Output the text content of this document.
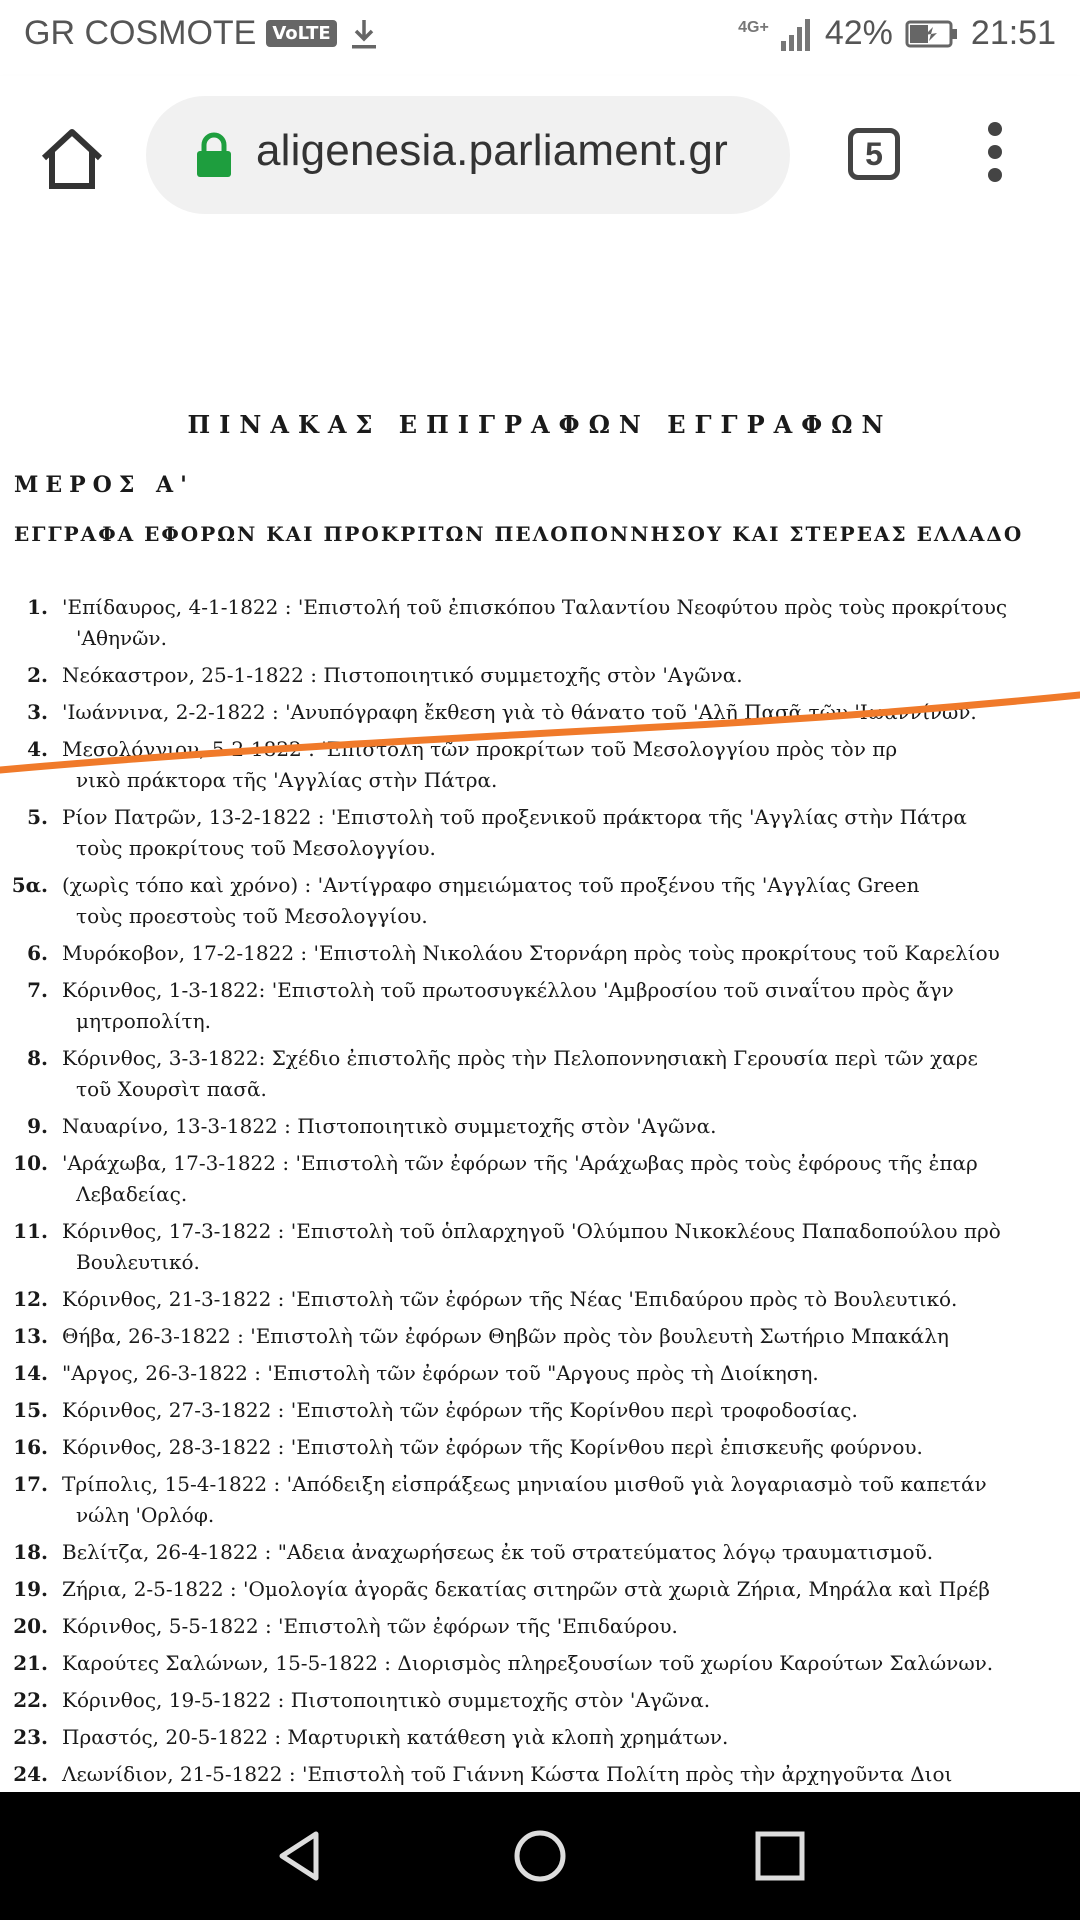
GR COSMOTE VoLTE	4G+ 42% 21:51
aligenesia.parliament.gr	5
ΠΙΝΑΚΑΣ ΕΠΙΓΡΑΦΩΝ ΕΓΓΡΑΦΩΝ
ΜΕΡΟΣ Α'
ΕΓΓΡΑΦΑ ΕΦΟΡΩΝ ΚΑΙ ΠΡΟΚΡΙΤΩΝ ΠΕΛΟΠΟΝΝΗΣΟΥ ΚΑΙ ΣΤΕΡΕΑΣ ΕΛΛΑΔΟ
1. 'Επίδαυρος, 4-1-1822 : 'Επιστολή τοῦ ἐπισκόπου Ταλαντίου Νεοφύτου πρὸς τοὺς προκρίτους
'Αθηνῶν.
2. Νεόκαστρον, 25-1-1822 : Πιστοποιητικό συμμετοχῆς στὸν 'Αγῶνα.
3. 'Ιωάννινα, 2-2-1822 : 'Ανυπόγραφη ἔκθεση γιὰ τὸ θάνατο τοῦ 'Αλῆ Πασᾶ τῶν 'Ιωαννίνων.
4. Μεσολόγγιον, 5-2-1822 : 'Επιστολὴ τῶν προκρίτων τοῦ Μεσολογγίου πρὸς τὸν πρ
νικὸ πράκτορα τῆς 'Αγγλίας στὴν Πάτρα.
5. Ρίον Πατρῶν, 13-2-1822 : 'Επιστολὴ τοῦ προξενικοῦ πράκτορα τῆς 'Αγγλίας στὴν Πάτρα
τοὺς προκρίτους τοῦ Μεσολογγίου.
5α. (χωρὶς τόπο καὶ χρόνο) : 'Αντίγραφο σημειώματος τοῦ προξένου τῆς 'Αγγλίας Green
τοὺς προεστοὺς τοῦ Μεσολογγίου.
6. Μυρόκοβον, 17-2-1822 : 'Επιστολὴ Νικολάου Στορνάρη πρὸς τοὺς προκρίτους τοῦ Καρελίου
7. Κόρινθος, 1-3-1822: 'Επιστολὴ τοῦ πρωτοσυγκέλλου 'Αμβροσίου τοῦ σιναΐτου πρὸς ἄγν
μητροπολίτη.
8. Κόρινθος, 3-3-1822: Σχέδιο ἐπιστολῆς πρὸς τὴν Πελοποννησιακὴ Γερουσία περὶ τῶν χαρε
τοῦ Χουρσὶτ πασᾶ.
9. Ναυαρίνο, 13-3-1822 : Πιστοποιητικὸ συμμετοχῆς στὸν 'Αγῶνα.
10. 'Αράχωβα, 17-3-1822 : 'Επιστολὴ τῶν ἐφόρων τῆς 'Αράχωβας πρὸς τοὺς ἐφόρους τῆς ἐπαρ
Λεβαδείας.
11. Κόρινθος, 17-3-1822 : 'Επιστολὴ τοῦ ὁπλαρχηγοῦ 'Ολύμπου Νικοκλέους Παπαδοπούλου πρὸ
Βουλευτικό.
12. Κόρινθος, 21-3-1822 : 'Επιστολὴ τῶν ἐφόρων τῆς Νέας 'Επιδαύρου πρὸς τὸ Βουλευτικό.
13. Θήβα, 26-3-1822 : 'Επιστολὴ τῶν ἐφόρων Θηβῶν πρὸς τὸν βουλευτὴ Σωτήριο Μπακάλη
14. "Αργος, 26-3-1822 : 'Επιστολὴ τῶν ἐφόρων τοῦ "Αργους πρὸς τὴ Διοίκηση.
15. Κόρινθος, 27-3-1822 : 'Επιστολὴ τῶν ἐφόρων τῆς Κορίνθου περὶ τροφοδοσίας.
16. Κόρινθος, 28-3-1822 : 'Επιστολὴ τῶν ἐφόρων τῆς Κορίνθου περὶ ἐπισκευῆς φούρνου.
17. Τρίπολις, 15-4-1822 : 'Απόδειξη εἰσπράξεως μηνιαίου μισθοῦ γιὰ λογαριασμὸ τοῦ καπετάν
νώλη 'Ορλόφ.
18. Βελίτζα, 26-4-1822 : "Αδεια ἀναχωρήσεως ἐκ τοῦ στρατεύματος λόγῳ τραυματισμοῦ.
19. Ζήρια, 2-5-1822 : 'Ομολογία ἀγορᾶς δεκατίας σιτηρῶν στὰ χωριὰ Ζήρια, Μηράλα καὶ Πρέβ
20. Κόρινθος, 5-5-1822 : 'Επιστολὴ τῶν ἐφόρων τῆς 'Επιδαύρου.
21. Καρούτες Σαλώνων, 15-5-1822 : Διορισμὸς πληρεξουσίων τοῦ χωρίου Καρούτων Σαλώνων.
22. Κόρινθος, 19-5-1822 : Πιστοποιητικὸ συμμετοχῆς στὸν 'Αγῶνα.
23. Πραστός, 20-5-1822 : Μαρτυρικὴ κατάθεση γιὰ κλοπὴ χρημάτων.
24. Λεωνίδιον, 21-5-1822 : 'Επιστολὴ τοῦ Γιάννη Κώστα Πολίτη πρὸς τὴν ἀρχηγοῦντα Διοι
